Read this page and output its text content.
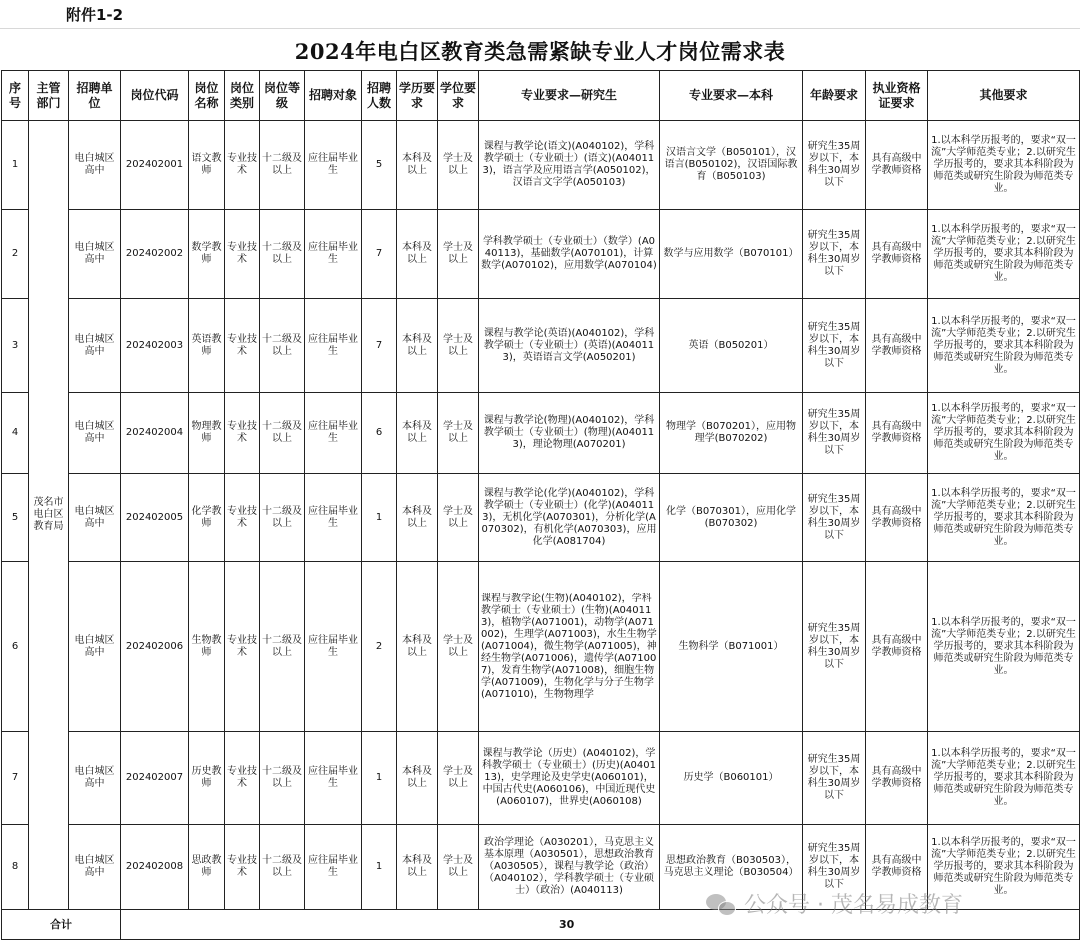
附件1-2
2024年电白区教育类急需紧缺专业人才岗位需求表
序号	主管部门	招聘单位	岗位代码	岗位名称	岗位类别	岗位等级	招聘对象	招聘人数	学历要求	学位要求	专业要求—研究生	专业要求—本科	年龄要求	执业资格证要求	其他要求
1	茂名市电白区教育局	电白城区高中	202402001	语文教师	专业技术	十二级及以上	应往届毕业生	5	本科及以上	学士及以上	课程与教学论(语文)(A040102)，学科教学硕士（专业硕士）(语文)(A040113)，语言学及应用语言学(A050102)，汉语言文字学(A050103)	汉语言文学（B050101），汉语言(B050102)，汉语国际教育（B050103)	研究生35周岁以下，本科生30周岁以下	具有高级中学教师资格	1.以本科学历报考的，要求“双一流”大学师范类专业；2.以研究生学历报考的，要求其本科阶段为师范类或研究生阶段为师范类专业。
2		电白城区高中	202402002	数学教师	专业技术	十二级及以上	应往届毕业生	7	本科及以上	学士及以上	学科教学硕士（专业硕士）（数学）(A040113)，基础数学(A070101)，计算数学(A070102)，应用数学(A070104)	数学与应用数学（B070101）	研究生35周岁以下，本科生30周岁以下	具有高级中学教师资格	1.以本科学历报考的，要求“双一流”大学师范类专业；2.以研究生学历报考的，要求其本科阶段为师范类或研究生阶段为师范类专业。
3		电白城区高中	202402003	英语教师	专业技术	十二级及以上	应往届毕业生	7	本科及以上	学士及以上	课程与教学论(英语)(A040102)，学科教学硕士（专业硕士）(英语)(A040113)，英语语言文学(A050201)	英语（B050201）	研究生35周岁以下，本科生30周岁以下	具有高级中学教师资格	1.以本科学历报考的，要求“双一流”大学师范类专业；2.以研究生学历报考的，要求其本科阶段为师范类或研究生阶段为师范类专业。
4		电白城区高中	202402004	物理教师	专业技术	十二级及以上	应往届毕业生	6	本科及以上	学士及以上	课程与教学论(物理)(A040102)，学科教学硕士（专业硕士）(物理)(A040113)，理论物理(A070201)	物理学（B070201），应用物理学(B070202)	研究生35周岁以下，本科生30周岁以下	具有高级中学教师资格	1.以本科学历报考的，要求“双一流”大学师范类专业；2.以研究生学历报考的，要求其本科阶段为师范类或研究生阶段为师范类专业。
5		电白城区高中	202402005	化学教师	专业技术	十二级及以上	应往届毕业生	1	本科及以上	学士及以上	课程与教学论(化学)(A040102)，学科教学硕士（专业硕士）(化学)(A040113)，无机化学(A070301)，分析化学(A070302)，有机化学(A070303)，应用化学(A081704)	化学（B070301），应用化学(B070302)	研究生35周岁以下，本科生30周岁以下	具有高级中学教师资格	1.以本科学历报考的，要求“双一流”大学师范类专业；2.以研究生学历报考的，要求其本科阶段为师范类或研究生阶段为师范类专业。
6		电白城区高中	202402006	生物教师	专业技术	十二级及以上	应往届毕业生	2	本科及以上	学士及以上	课程与教学论(生物)(A040102)，学科教学硕士（专业硕士）(生物)(A040113)，植物学(A071001)，动物学(A071002)，生理学(A071003)，水生生物学(A071004)，微生物学(A071005)，神经生物学(A071006)，遗传学(A071007)，发育生物学(A071008)，细胞生物学(A071009)，生物化学与分子生物学(A071010)，生物物理学	生物科学（B071001）	研究生35周岁以下，本科生30周岁以下	具有高级中学教师资格	1.以本科学历报考的，要求“双一流”大学师范类专业；2.以研究生学历报考的，要求其本科阶段为师范类或研究生阶段为师范类专业。
7		电白城区高中	202402007	历史教师	专业技术	十二级及以上	应往届毕业生	1	本科及以上	学士及以上	课程与教学论（历史）(A040102)，学科教学硕士（专业硕士）(历史)(A040113)，史学理论及史学史(A060101)，中国古代史(A060106)，中国近现代史(A060107)，世界史(A060108)	历史学（B060101）	研究生35周岁以下，本科生30周岁以下	具有高级中学教师资格	1.以本科学历报考的，要求“双一流”大学师范类专业；2.以研究生学历报考的，要求其本科阶段为师范类或研究生阶段为师范类专业。
8		电白城区高中	202402008	思政教师	专业技术	十二级及以上	应往届毕业生	1	本科及以上	学士及以上	政治学理论（A030201），马克思主义基本原理（A030501），思想政治教育（A030505），课程与教学论（政治）（A040102），学科教学硕士（专业硕士）（政治）(A040113)	思想政治教育（B030503），马克思主义理论（B030504）	研究生35周岁以下，本科生30周岁以下	具有高级中学教师资格	1.以本科学历报考的，要求“双一流”大学师范类专业；2.以研究生学历报考的，要求其本科阶段为师范类或研究生阶段为师范类专业。
合计			30												
公众号 · 茂名易成教育
